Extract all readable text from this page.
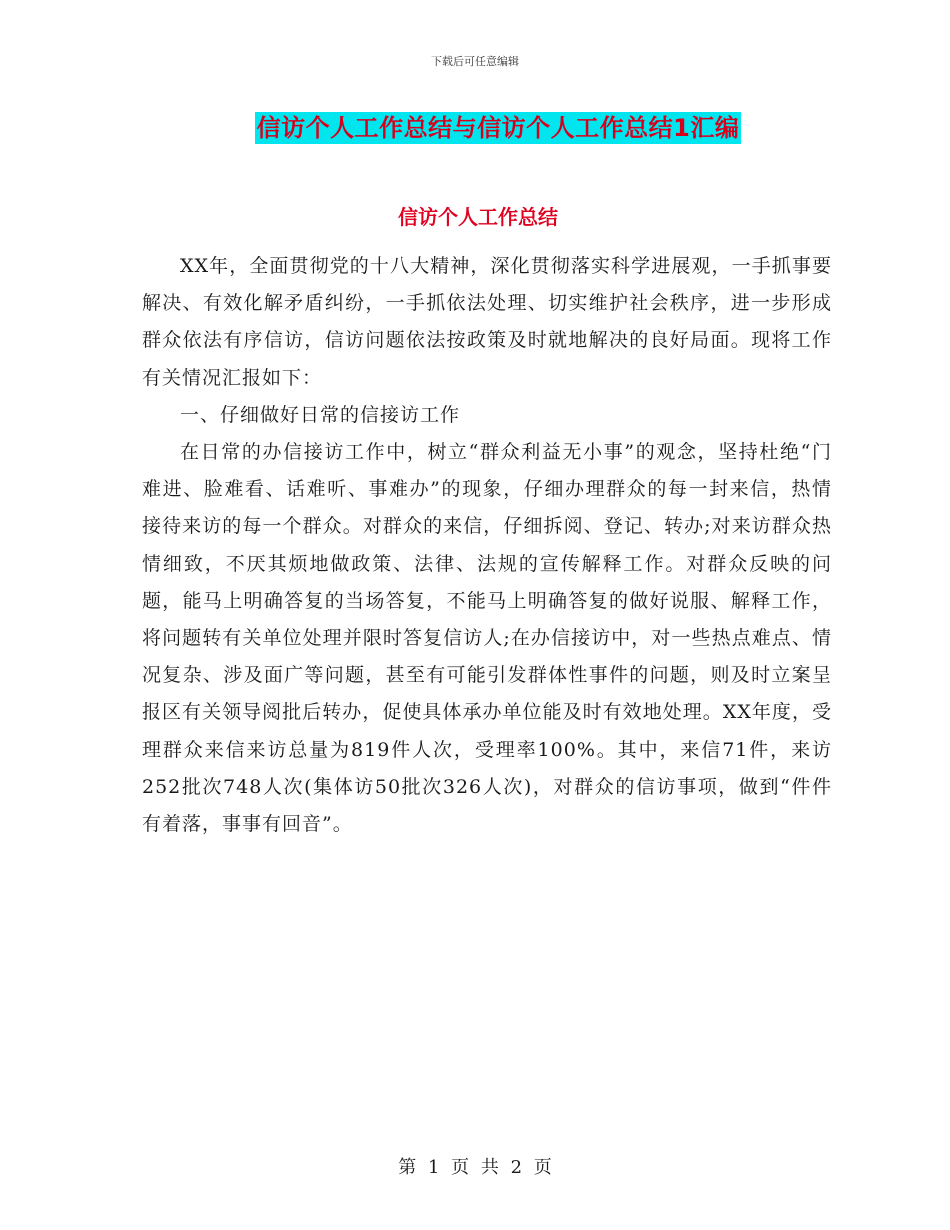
下载后可任意编辑
信访个人工作总结与信访个人工作总结1汇编
信访个人工作总结

XX年，全面贯彻党的十八大精神，深化贯彻落实科学进展观，一手抓事要解决、有效化解矛盾纠纷，一手抓依法处理、切实维护社会秩序，进一步形成群众依法有序信访，信访问题依法按政策及时就地解决的良好局面。现将工作有关情况汇报如下：

一、仔细做好日常的信接访工作

在日常的办信接访工作中，树立“群众利益无小事”的观念，坚持杜绝“门难进、脸难看、话难听、事难办”的现象，仔细办理群众的每一封来信，热情接待来访的每一个群众。对群众的来信，仔细拆阅、登记、转办;对来访群众热情细致，不厌其烦地做政策、法律、法规的宣传解释工作。对群众反映的问题，能马上明确答复的当场答复，不能马上明确答复的做好说服、解释工作，将问题转有关单位处理并限时答复信访人;在办信接访中，对一些热点难点、情况复杂、涉及面广等问题，甚至有可能引发群体性事件的问题，则及时立案呈报区有关领导阅批后转办，促使具体承办单位能及时有效地处理。XX年度，受理群众来信来访总量为819件人次，受理率100%。其中，来信71件，来访252批次748人次(集体访50批次326人次)，对群众的信访事项，做到“件件有着落，事事有回音”。

第 1 页 共 2 页
